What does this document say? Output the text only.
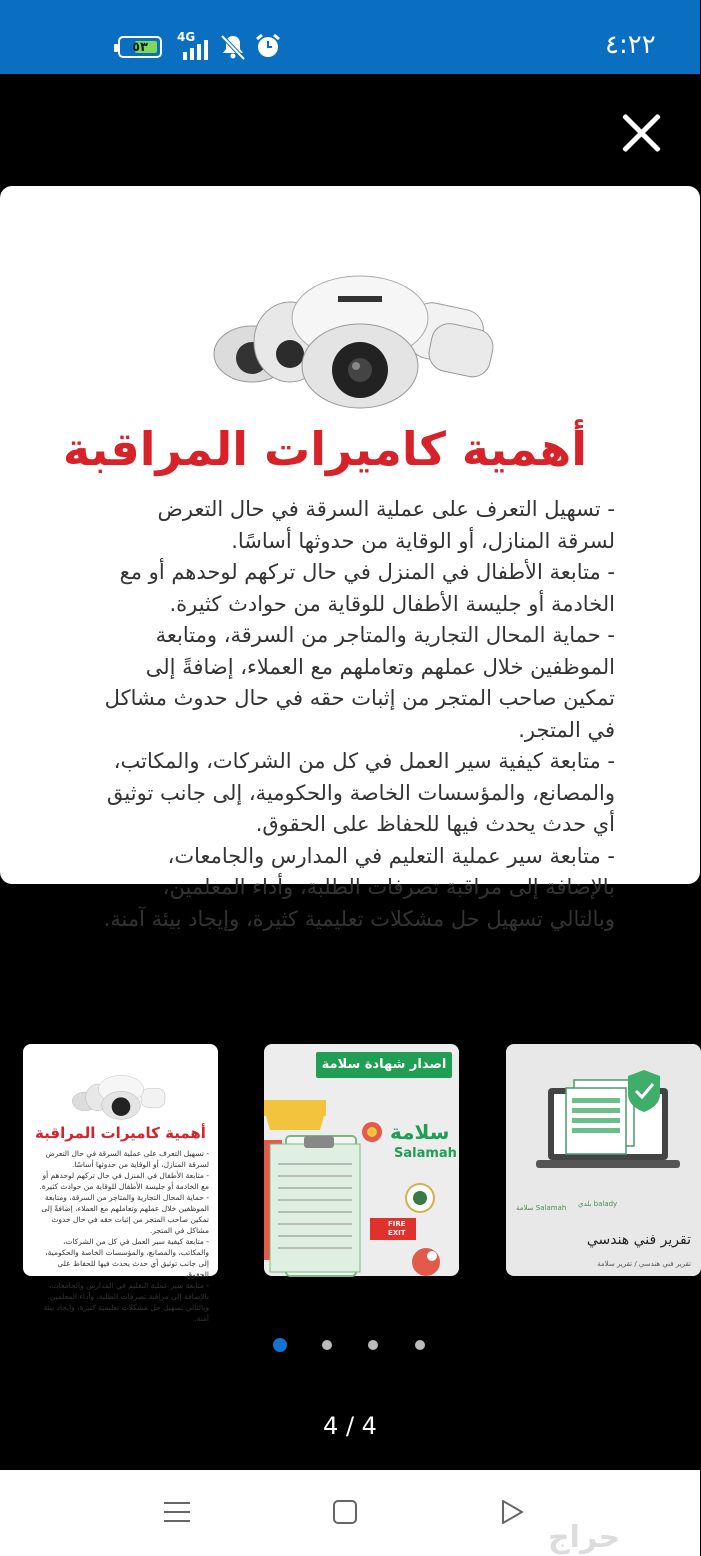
٥٣
4G	٤:٢٢
أهمية كاميرات المراقبة

- تسهيل التعرف على عملية السرقة في حال التعرض لسرقة المنازل، أو الوقاية من حدوثها أساسًا.

- متابعة الأطفال في المنزل في حال تركهم لوحدهم أو مع الخادمة أو جليسة الأطفال للوقاية من حوادث كثيرة.

- حماية المحال التجارية والمتاجر من السرقة، ومتابعة الموظفين خلال عملهم وتعاملهم مع العملاء، إضافةً إلى تمكين صاحب المتجر من إثبات حقه في حال حدوث مشاكل في المتجر.

- متابعة كيفية سير العمل في كل من الشركات، والمكاتب، والمصانع، والمؤسسات الخاصة والحكومية، إلى جانب توثيق أي حدث يحدث فيها للحفاظ على الحقوق.

- متابعة سير عملية التعليم في المدارس والجامعات، بالإضافة إلى مراقبة تصرفات الطلبة، وأداء المعلمين، وبالتالي تسهيل حل مشكلات تعليمية كثيرة، وإيجاد بيئة آمنة.

أهمية كاميرات المراقبة

- تسهيل التعرف على عملية السرقة في حال التعرض لسرقة المنازل، أو الوقاية من حدوثها أساسًا.

- متابعة الأطفال في المنزل في حال تركهم لوحدهم أو مع الخادمة أو جليسة الأطفال للوقاية من حوادث كثيرة.

- حماية المحال التجارية والمتاجر من السرقة، ومتابعة الموظفين خلال عملهم وتعاملهم مع العملاء، إضافةً إلى تمكين صاحب المتجر من إثبات حقه في حال حدوث مشاكل في المتجر.

- متابعة كيفية سير العمل في كل من الشركات، والمكاتب، والمصانع، والمؤسسات الخاصة والحكومية، إلى جانب توثيق أي حدث يحدث فيها للحفاظ على الحقوق.

- متابعة سير عملية التعليم في المدارس والجامعات، بالإضافة إلى مراقبة تصرفات الطلبة، وأداء المعلمين، وبالتالي تسهيل حل مشكلات تعليمية كثيرة، وإيجاد بيئة آمنة.

اصدار شهادة سلامة
سلامة
Salamah
FIRE EXIT
سلامة Salamah بلدي balady
تقرير فني هندسي
تقرير فني هندسي / تقرير سلامة
4 / 4
حراج
